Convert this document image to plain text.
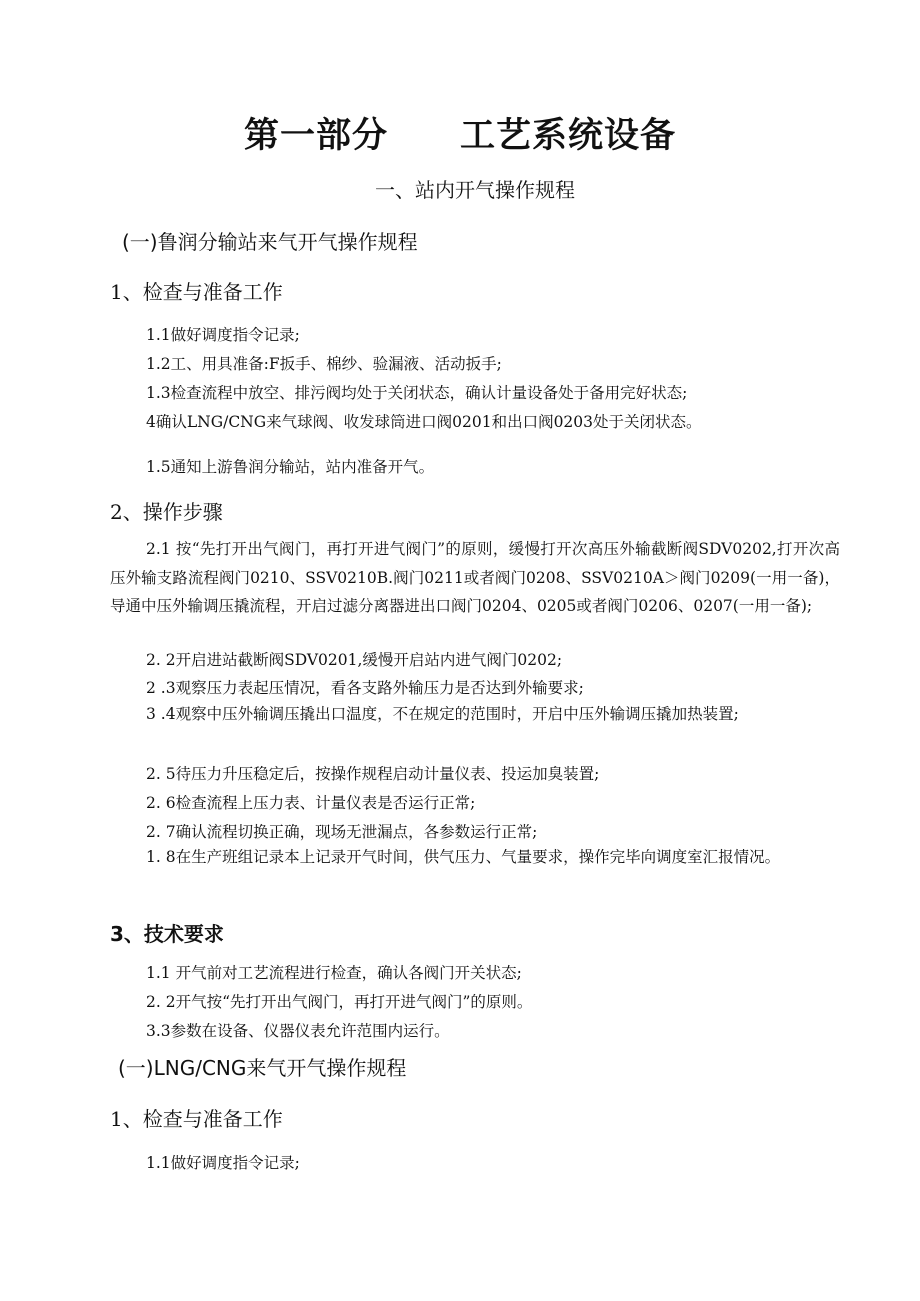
第一部分 工艺系统设备
一、站内开气操作规程
(一)鲁润分输站来气开气操作规程
1、检查与准备工作
1.1做好调度指令记录;
1.2工、用具准备:F扳手、棉纱、验漏液、活动扳手;
1.3检查流程中放空、排污阀均处于关闭状态，确认计量设备处于备用完好状态;
4确认LNG/CNG来气球阀、收发球筒进口阀0201和出口阀0203处于关闭状态。
1.5通知上游鲁润分输站，站内准备开气。
2、操作步骤
2.1 按“先打开出气阀门，再打开进气阀门”的原则，缓慢打开次高压外输截断阀SDV0202,打开次高压外输支路流程阀门0210、SSV0210B.阀门0211或者阀门0208、SSV0210A＞阀门0209(一用一备)，导通中压外输调压撬流程，开启过滤分离器进出口阀门0204、0205或者阀门0206、0207(一用一备);
2. 2开启进站截断阀SDV0201,缓慢开启站内进气阀门0202;
2 .3观察压力表起压情况，看各支路外输压力是否达到外输要求;
3 .4观察中压外输调压撬出口温度，不在规定的范围时，开启中压外输调压撬加热装置;
2. 5待压力升压稳定后，按操作规程启动计量仪表、投运加臭装置;
2. 6检查流程上压力表、计量仪表是否运行正常;
2. 7确认流程切换正确，现场无泄漏点，各参数运行正常;
1. 8在生产班组记录本上记录开气时间，供气压力、气量要求，操作完毕向调度室汇报情况。
3、技术要求
1.1 开气前对工艺流程进行检查，确认各阀门开关状态;
2. 2开气按“先打开出气阀门，再打开进气阀门”的原则。
3.3参数在设备、仪器仪表允许范围内运行。
(一)LNG/CNG来气开气操作规程
1、检查与准备工作
1.1做好调度指令记录;
